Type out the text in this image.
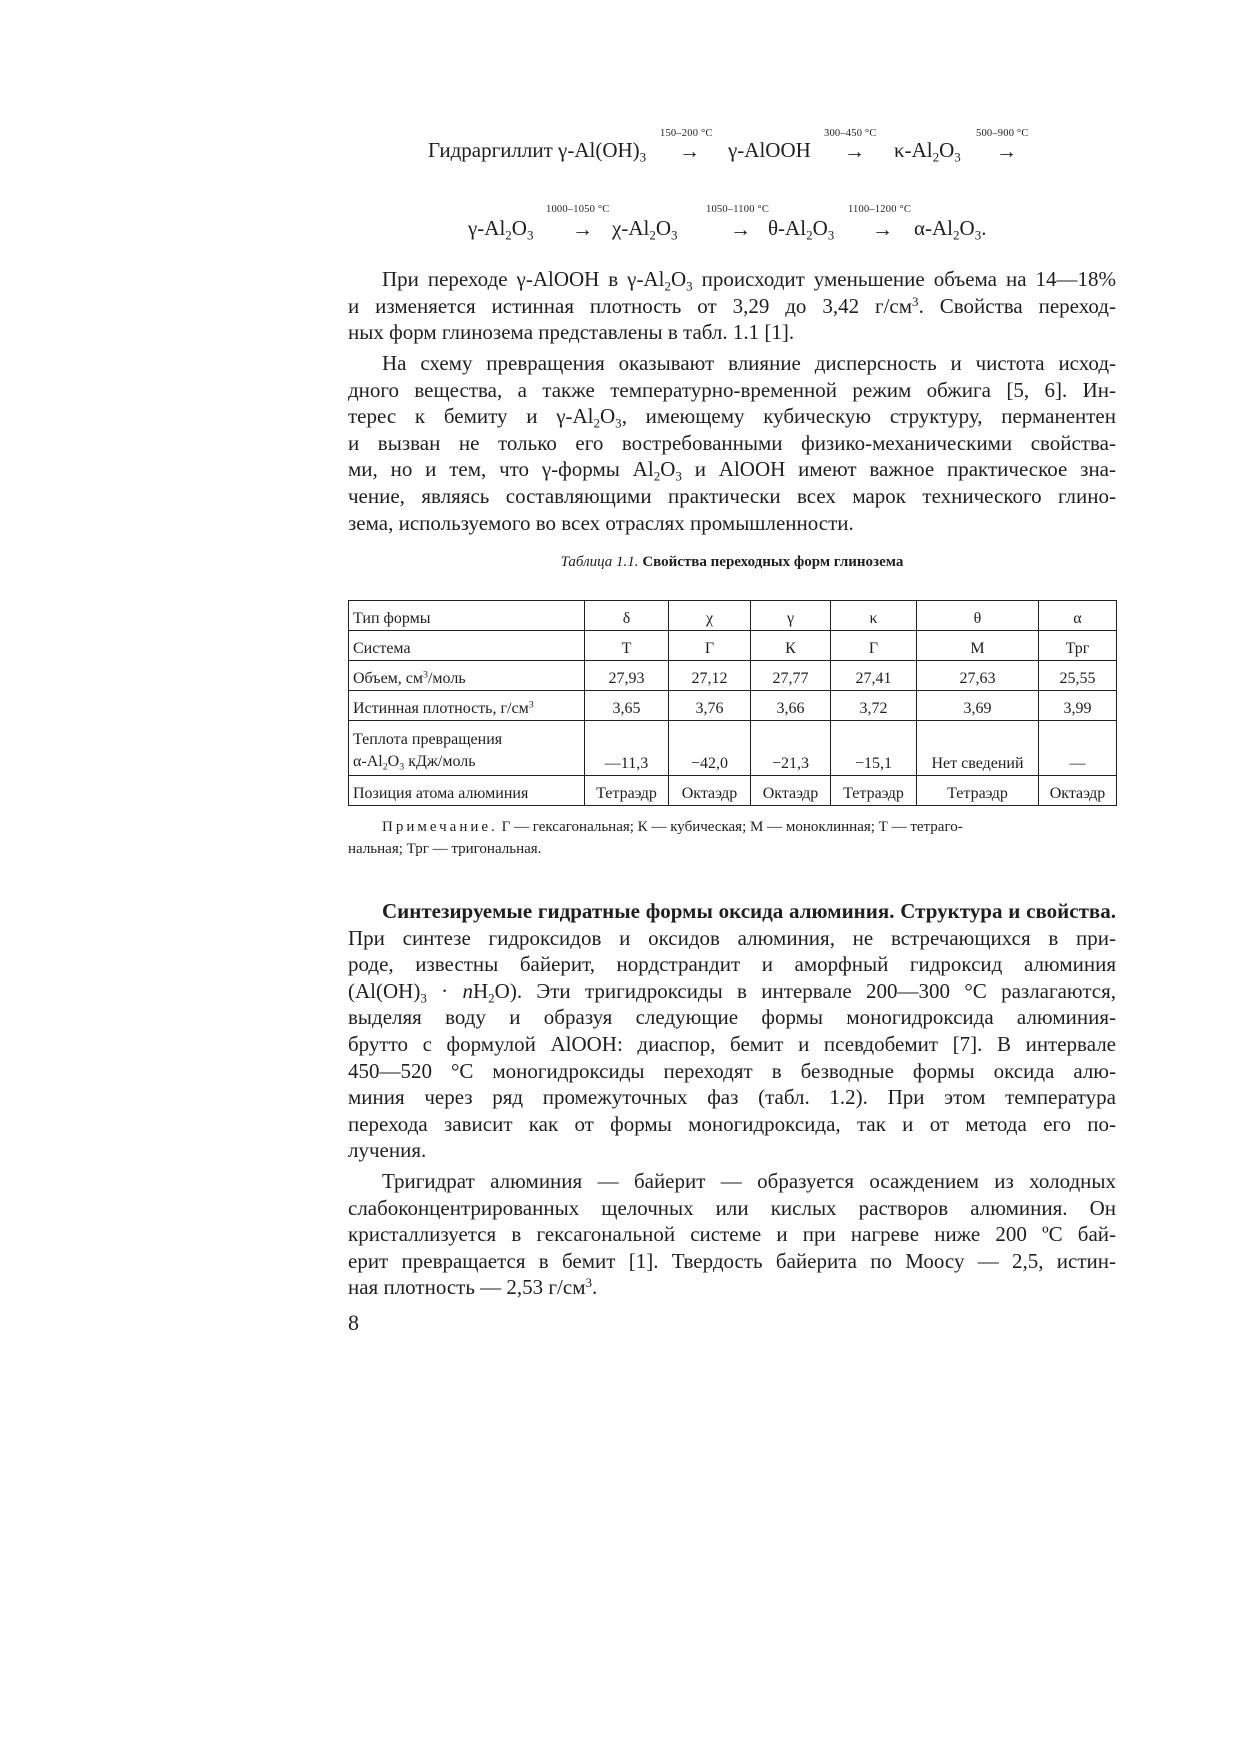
Гидраргиллит $\gamma-Al(OH)_3$
150–200 °C
→ γ-AlOOH
300–450 °C
→ $\kappa-Al_2O_3$
500–900 °C
→
$\gamma-Al_2O_3$
1000–1050 °C
→ $\chi-Al_2O_3$
1050–1100 °C
→ $\theta-Al_2O_3$
1100–1200 °C
→ $\alpha-Al_2O_3$.
При переходе γ-AlOOH в $\gamma-Al_2O_3$ происходит уменьшение объема на 14—18%
и изменяется истинная плотность от 3,29 до 3,42 $г/см^3$. Свойства переход-
ных форм глинозема представлены в табл. 1.1 [1].
На схему превращения оказывают влияние дисперсность и чистота исход-
дного вещества, а также температурно-временной режим обжига [5, 6]. Ин-
терес к бемиту и $\gamma-Al_2O_3$, имеющему кубическую структуру, перманентен
и вызван не только его востребованными физико-механическими свойства-
ми, но и тем, что γ-формы $Al_2O_3$ и AlOOH имеют важное практическое зна-
чение, являясь составляющими практически всех марок технического глино-
зема, используемого во всех отраслях промышленности.
Таблица 1.1. Свойства переходных форм глинозема
Тип формы	δ	χ	γ	κ	θ	α
Система	Т	Г	К	Г	М	Трг
Объем, $см^3$/моль	27,93	27,12	27,77	27,41	27,63	25,55
Истинная плотность, $г/см^3$	3,65	3,76	3,66	3,72	3,69	3,99

Теплота превращения
$\alpha-Al_2O_3$ кДж/моль	—11,3	−42,0	−21,3	−15,1	Нет сведений	—
Позиция атома алюминия	Тетраэдр	Октаэдр	Октаэдр	Тетраэдр	Тетраэдр	Октаэдр
Примечание. Г — гексагональная; К — кубическая; М — моноклинная; Т — тетраго-
нальная; Трг — тригональная.
Синтезируемые гидратные формы оксида алюминия. Структура и свойства.
При синтезе гидроксидов и оксидов алюминия, не встречающихся в при-
роде, известны байерит, нордстрандит и аморфный гидроксид алюминия
$(Al(OH)_3 \cdot nH_2O)$. Эти тригидроксиды в интервале 200—300 °С разлагаются,
выделяя воду и образуя следующие формы моногидроксида алюминия-
брутто с формулой AlOOH: диаспор, бемит и псевдобемит [7]. В интервале
450—520 °С моногидроксиды переходят в безводные формы оксида алю-
миния через ряд промежуточных фаз (табл. 1.2). При этом температура
перехода зависит как от формы моногидроксида, так и от метода его по-
лучения.
Тригидрат алюминия — байерит — образуется осаждением из холодных
слабоконцентрированных щелочных или кислых растворов алюминия. Он
кристаллизуется в гексагональной системе и при нагреве ниже 200 ºС бай-
ерит превращается в бемит [1]. Твердость байерита по Моосу — 2,5, истин-
ная плотность — 2,53 $г/см^3$.
8
